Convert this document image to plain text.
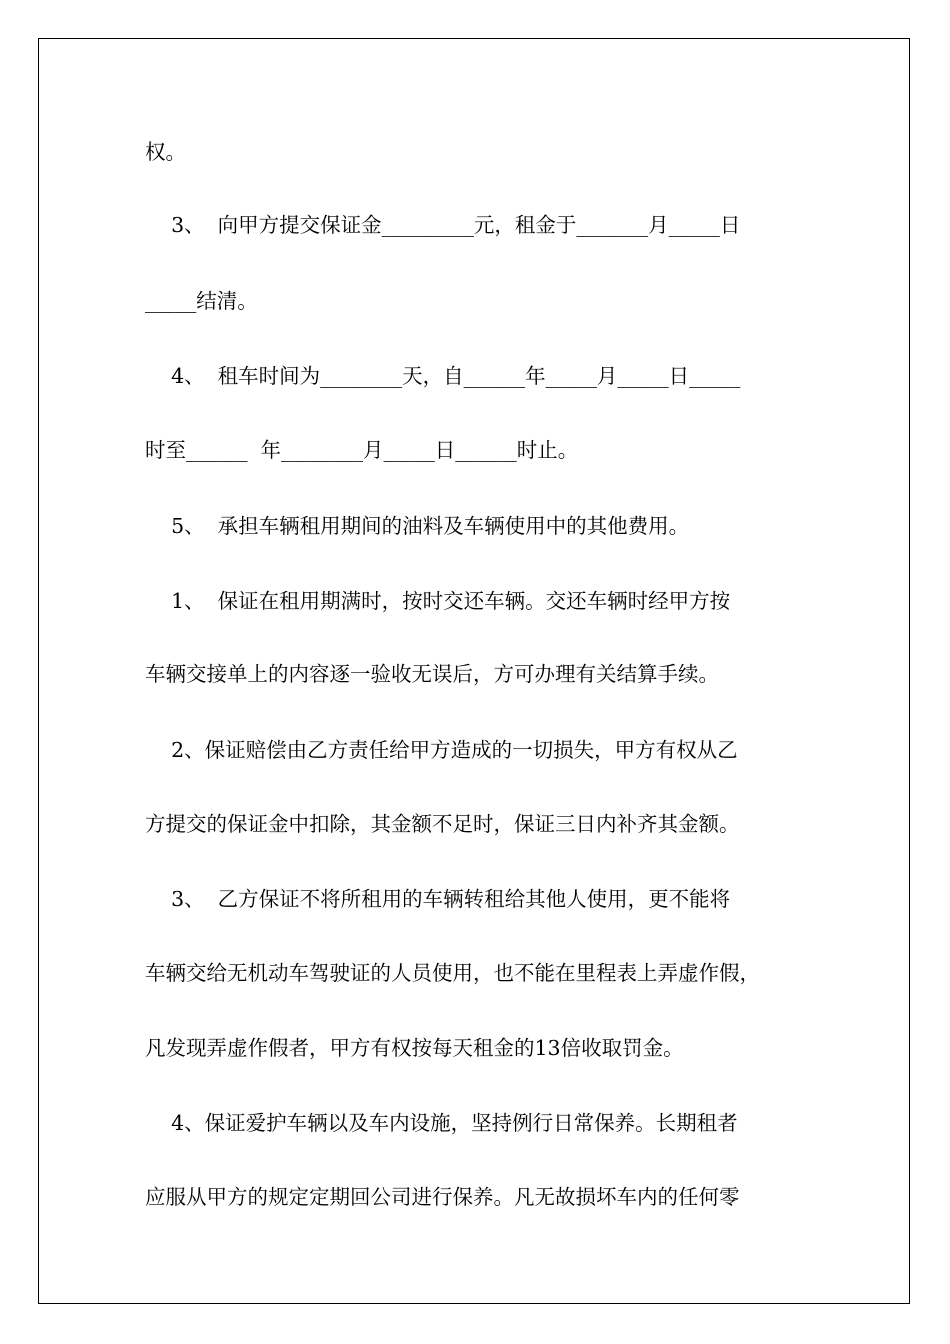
权。
3、  向甲方提交保证金_________元，租金于_______月_____日
_____结清。
4、  租车时间为________天，自______年_____月_____日_____
时至______  年________月_____日______时止。
5、  承担车辆租用期间的油料及车辆使用中的其他费用。
1、  保证在租用期满时，按时交还车辆。交还车辆时经甲方按
车辆交接单上的内容逐一验收无误后，方可办理有关结算手续。
2、保证赔偿由乙方责任给甲方造成的一切损失，甲方有权从乙
方提交的保证金中扣除，其金额不足时，保证三日内补齐其金额。
3、  乙方保证不将所租用的车辆转租给其他人使用，更不能将
车辆交给无机动车驾驶证的人员使用，也不能在里程表上弄虚作假，
凡发现弄虚作假者，甲方有权按每天租金的13倍收取罚金。
4、保证爱护车辆以及车内设施，坚持例行日常保养。长期租者
应服从甲方的规定定期回公司进行保养。凡无故损坏车内的任何零
